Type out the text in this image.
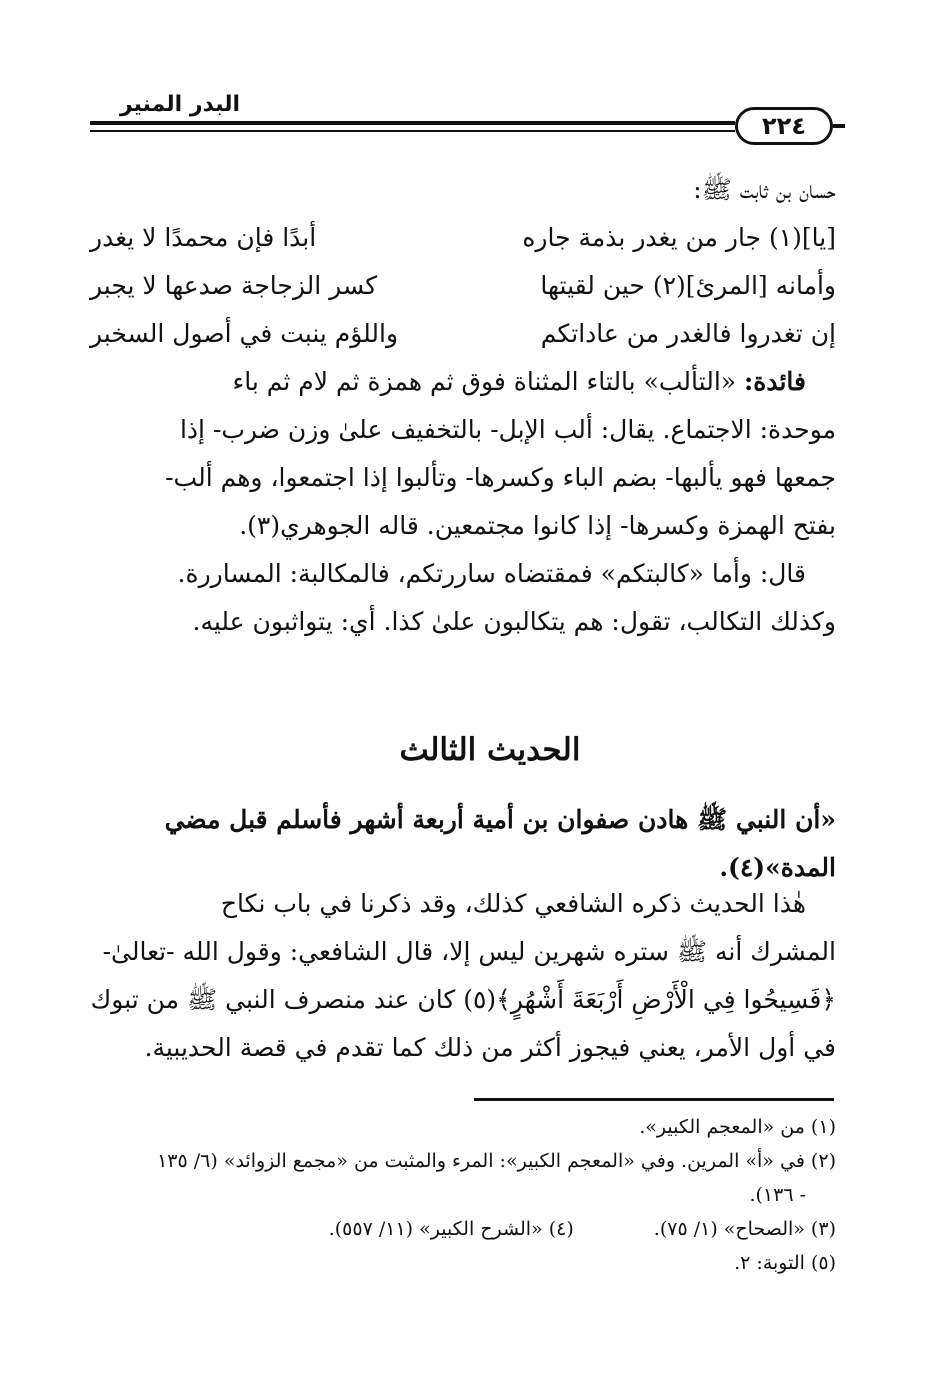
البدر المنير
٢٢٤
حسان بن ثابت ﷺ:
[يا](١) جار من يغدر بذمة جاره
أبدًا فإن محمدًا لا يغدر
وأمانه [المرئ](٢) حين لقيتها
كسر الزجاجة صدعها لا يجبر
إن تغدروا فالغدر من عاداتكم
واللؤم ينبت في أصول السخبر
فائدة: «التألب» بالتاء المثناة فوق ثم همزة ثم لام ثم باء
موحدة: الاجتماع. يقال: ألب الإبل- بالتخفيف علىٰ وزن ضرب- إذا
جمعها فهو يألبها- بضم الباء وكسرها- وتألبوا إذا اجتمعوا، وهم ألب-
بفتح الهمزة وكسرها- إذا كانوا مجتمعين. قاله الجوهري(٣).
قال: وأما «كالبتكم» فمقتضاه ساررتكم، فالمكالبة: المساررة.
وكذلك التكالب، تقول: هم يتكالبون علىٰ كذا. أي: يتواثبون عليه.
الحديث الثالث
«أن النبي ﷺ هادن صفوان بن أمية أربعة أشهر فأسلم قبل مضي
المدة»(٤).
هٰذا الحديث ذكره الشافعي كذلك، وقد ذكرنا في باب نكاح
المشرك أنه ﷺ ستره شهرين ليس إلا، قال الشافعي: وقول الله -تعالىٰ-
﴿فَسِيحُوا فِي الْأَرْضِ أَرْبَعَةَ أَشْهُرٍ﴾(٥) كان عند منصرف النبي ﷺ من تبوك
في أول الأمر، يعني فيجوز أكثر من ذلك كما تقدم في قصة الحديبية.
(١) من «المعجم الكبير».
(٢) في «أ» المرين. وفي «المعجم الكبير»: المرء والمثبت من «مجمع الزوائد» (٦/ ١٣٥
- ١٣٦).
(٣) «الصحاح» (١/ ٧٥).
(٤) «الشرح الكبير» (١١/ ٥٥٧).
(٥) التوبة: ٢.
